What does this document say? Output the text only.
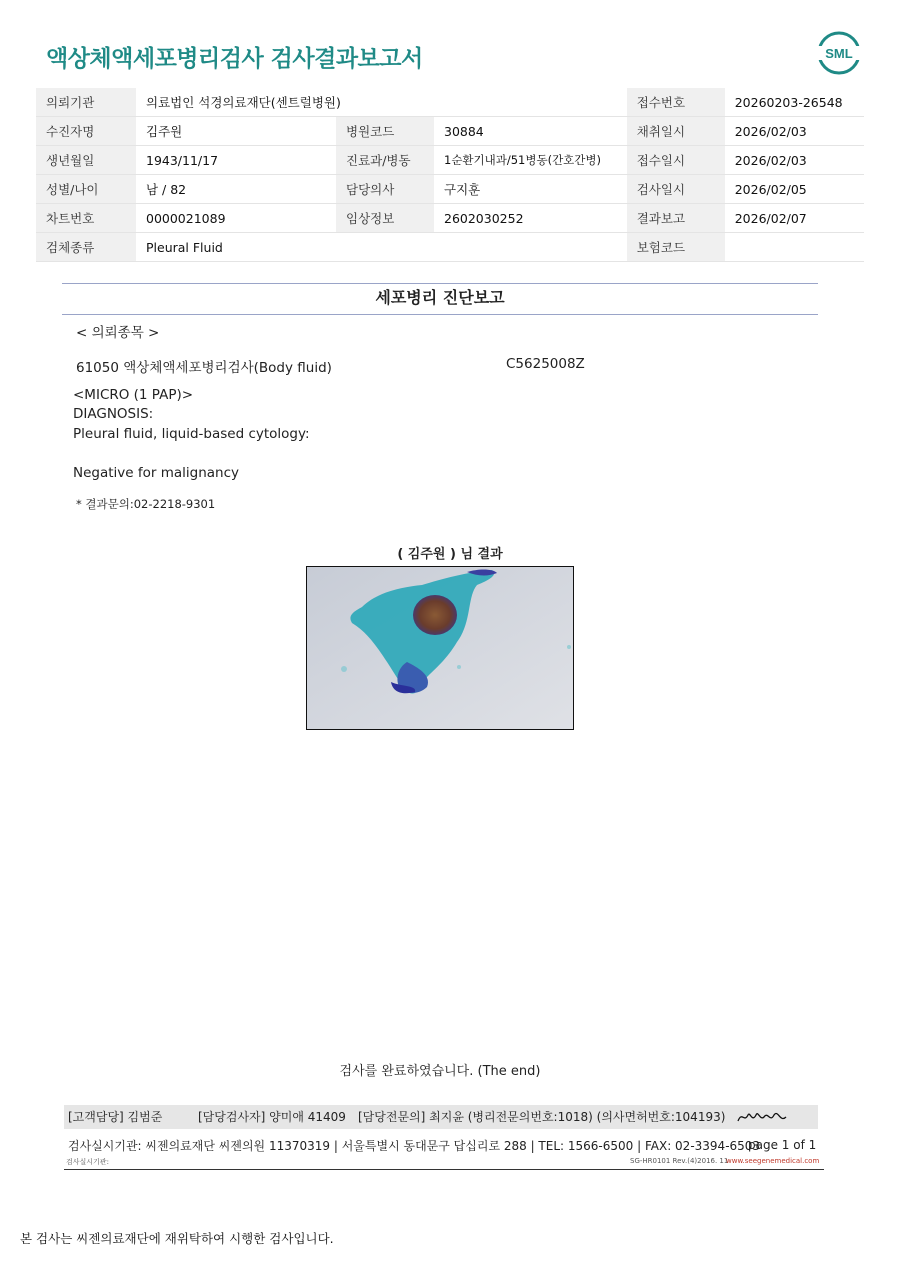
액상체액세포병리검사 검사결과보고서	SML
의뢰기관	의료법인 석경의료재단(센트럴병원)			접수번호	20260203-26548
수진자명	김주원	병원코드	30884	채취일시	2026/02/03
생년월일	1943/11/17	진료과/병동	1순환기내과/51병동(간호간병)	접수일시	2026/02/03
성별/나이	남 / 82	담당의사	구지훈	검사일시	2026/02/05
차트번호	0000021089	임상정보	2602030252	결과보고	2026/02/07
검체종류	Pleural Fluid			보험코드	
세포병리 진단보고
< 의뢰종목 >
61050 액상체액세포병리검사(Body fluid)	C5625008Z
<MICRO (1 PAP)>
DIAGNOSIS:
Pleural fluid, liquid-based cytology:
Negative for malignancy
* 결과문의:02-2218-9301
( 김주원 ) 님 결과
검사를 완료하였습니다. (The end)
[고객담당] 김범준	[담당검사자] 양미애 41409 [담당전문의] 최지윤 (병리전문의번호:1018) (의사면허번호:104193)
검사실시기관: 씨젠의료재단 씨젠의원 11370319 | 서울특별시 동대문구 답십리로 288 | TEL: 1566-6500 | FAX: 02-3394-6503
page 1 of 1
검사실시기관:	SG-HR0101 Rev.(4)2016. 11
www.seegenemedical.com
본 검사는 씨젠의료재단에 재위탁하여 시행한 검사입니다.
